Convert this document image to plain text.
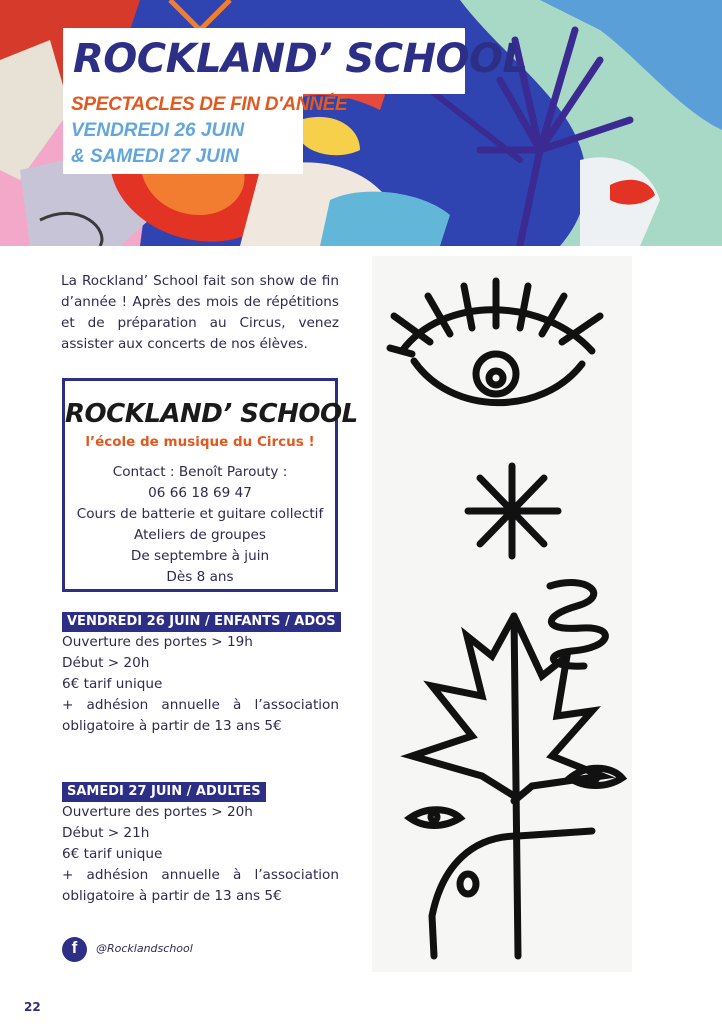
ROCKLAND’ SCHOOL
SPECTACLES DE FIN D'ANNÉE
VENDREDI 26 JUIN
& SAMEDI 27 JUIN

La Rockland’ School fait son show de fin d’année ! Après des mois de répétitions et de préparation au Circus, venez assister aux concerts de nos élèves.

ROCKLAND’ SCHOOL
l’école de musique du Circus !
Contact : Benoît Parouty :
06 66 18 69 47
Cours de batterie et guitare collectif
Ateliers de groupes
De septembre à juin
Dès 8 ans
VENDREDI 26 JUIN / ENFANTS / ADOS
Ouverture des portes > 19h
Début > 20h
6€ tarif unique
+ adhésion annuelle à l’association
obligatoire à partir de 13 ans 5€
SAMEDI 27 JUIN / ADULTES
Ouverture des portes > 20h
Début > 21h
6€ tarif unique
+ adhésion annuelle à l’association
obligatoire à partir de 13 ans 5€
f	@Rocklandschool
22
